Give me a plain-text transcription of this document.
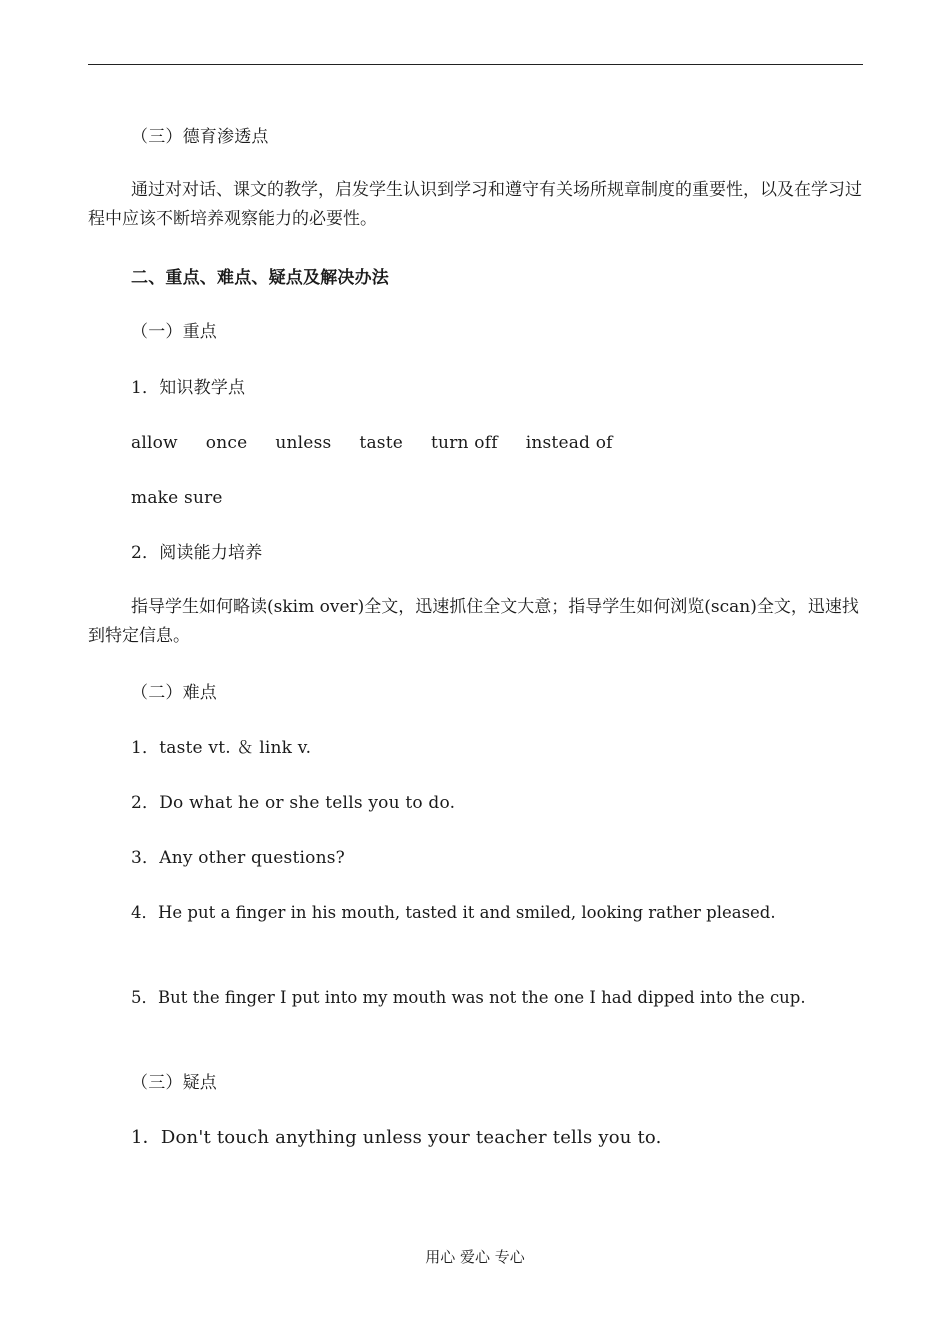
（三）德育渗透点
通过对对话、课文的教学，启发学生认识到学习和遵守有关场所规章制度的重要性，以及在学习过程中应该不断培养观察能力的必要性。
二、重点、难点、疑点及解决办法
（一）重点
1．知识教学点
allow once unless taste turn off instead of
make sure
2．阅读能力培养
指导学生如何略读(skim over)全文，迅速抓住全文大意；指导学生如何浏览(scan)全文，迅速找到特定信息。
（二）难点
1．taste vt. ＆ link v.
2．Do what he or she tells you to do.
3．Any other questions?
4．He put a finger in his mouth, tasted it and smiled, looking rather pleased.
5．But the finger I put into my mouth was not the one I had dipped into the cup.
（三）疑点
1．Don't touch anything unless your teacher tells you to.
用心 爱心 专心
